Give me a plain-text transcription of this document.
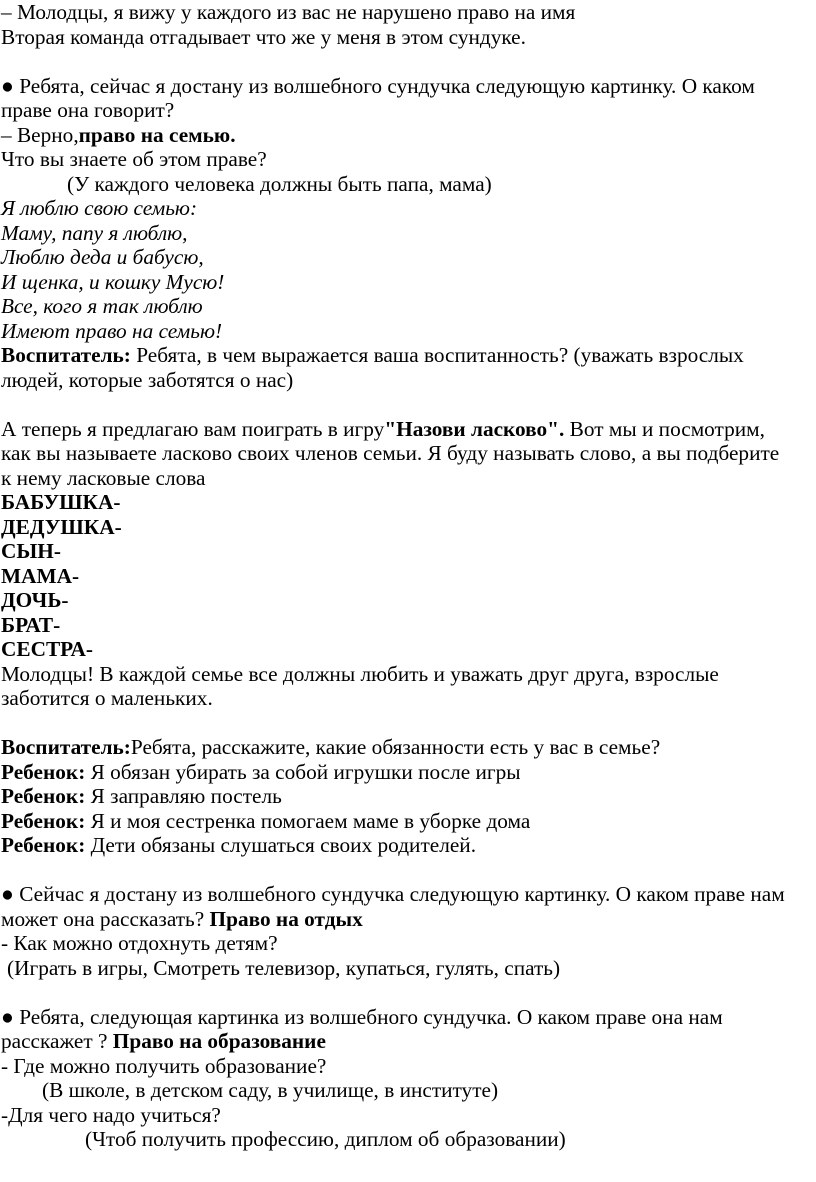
– Молодцы, я вижу у каждого из вас не нарушено право на имя
Вторая команда отгадывает что же у меня в этом сундуке.
● Ребята, сейчас я достану из волшебного сундучка следующую картинку. О каком
праве она говорит?
– Верно,право на семью.
Что вы знаете об этом праве?
(У каждого человека должны быть папа, мама)
Я люблю свою семью:
Маму, папу я люблю,
Люблю деда и бабусю,
И щенка, и кошку Мусю!
Все, кого я так люблю
Имеют право на семью!
Воспитатель: Ребята, в чем выражается ваша воспитанность? (уважать взрослых
людей, которые заботятся о нас)
А теперь я предлагаю вам поиграть в игру"Назови ласково". Вот мы и посмотрим,
как вы называете ласково своих членов семьи. Я буду называть слово, а вы подберите
к нему ласковые слова
БАБУШКА-
ДЕДУШКА-
СЫН-
МАМА-
ДОЧЬ-
БРАТ-
СЕСТРА-
Молодцы! В каждой семье все должны любить и уважать друг друга, взрослые
заботится о маленьких.
Воспитатель:Ребята, расскажите, какие обязанности есть у вас в семье?
Ребенок: Я обязан убирать за собой игрушки после игры
Ребенок: Я заправляю постель
Ребенок: Я и моя сестренка помогаем маме в уборке дома
Ребенок: Дети обязаны слушаться своих родителей.
● Сейчас я достану из волшебного сундучка следующую картинку. О каком праве нам
может она рассказать? Право на отдых
- Как можно отдохнуть детям?
(Играть в игры, Смотреть телевизор, купаться, гулять, спать)
● Ребята, следующая картинка из волшебного сундучка. О каком праве она нам
расскажет ? Право на образование
- Где можно получить образование?
(В школе, в детском саду, в училище, в институте)
-Для чего надо учиться?
(Чтоб получить профессию, диплом об образовании)
